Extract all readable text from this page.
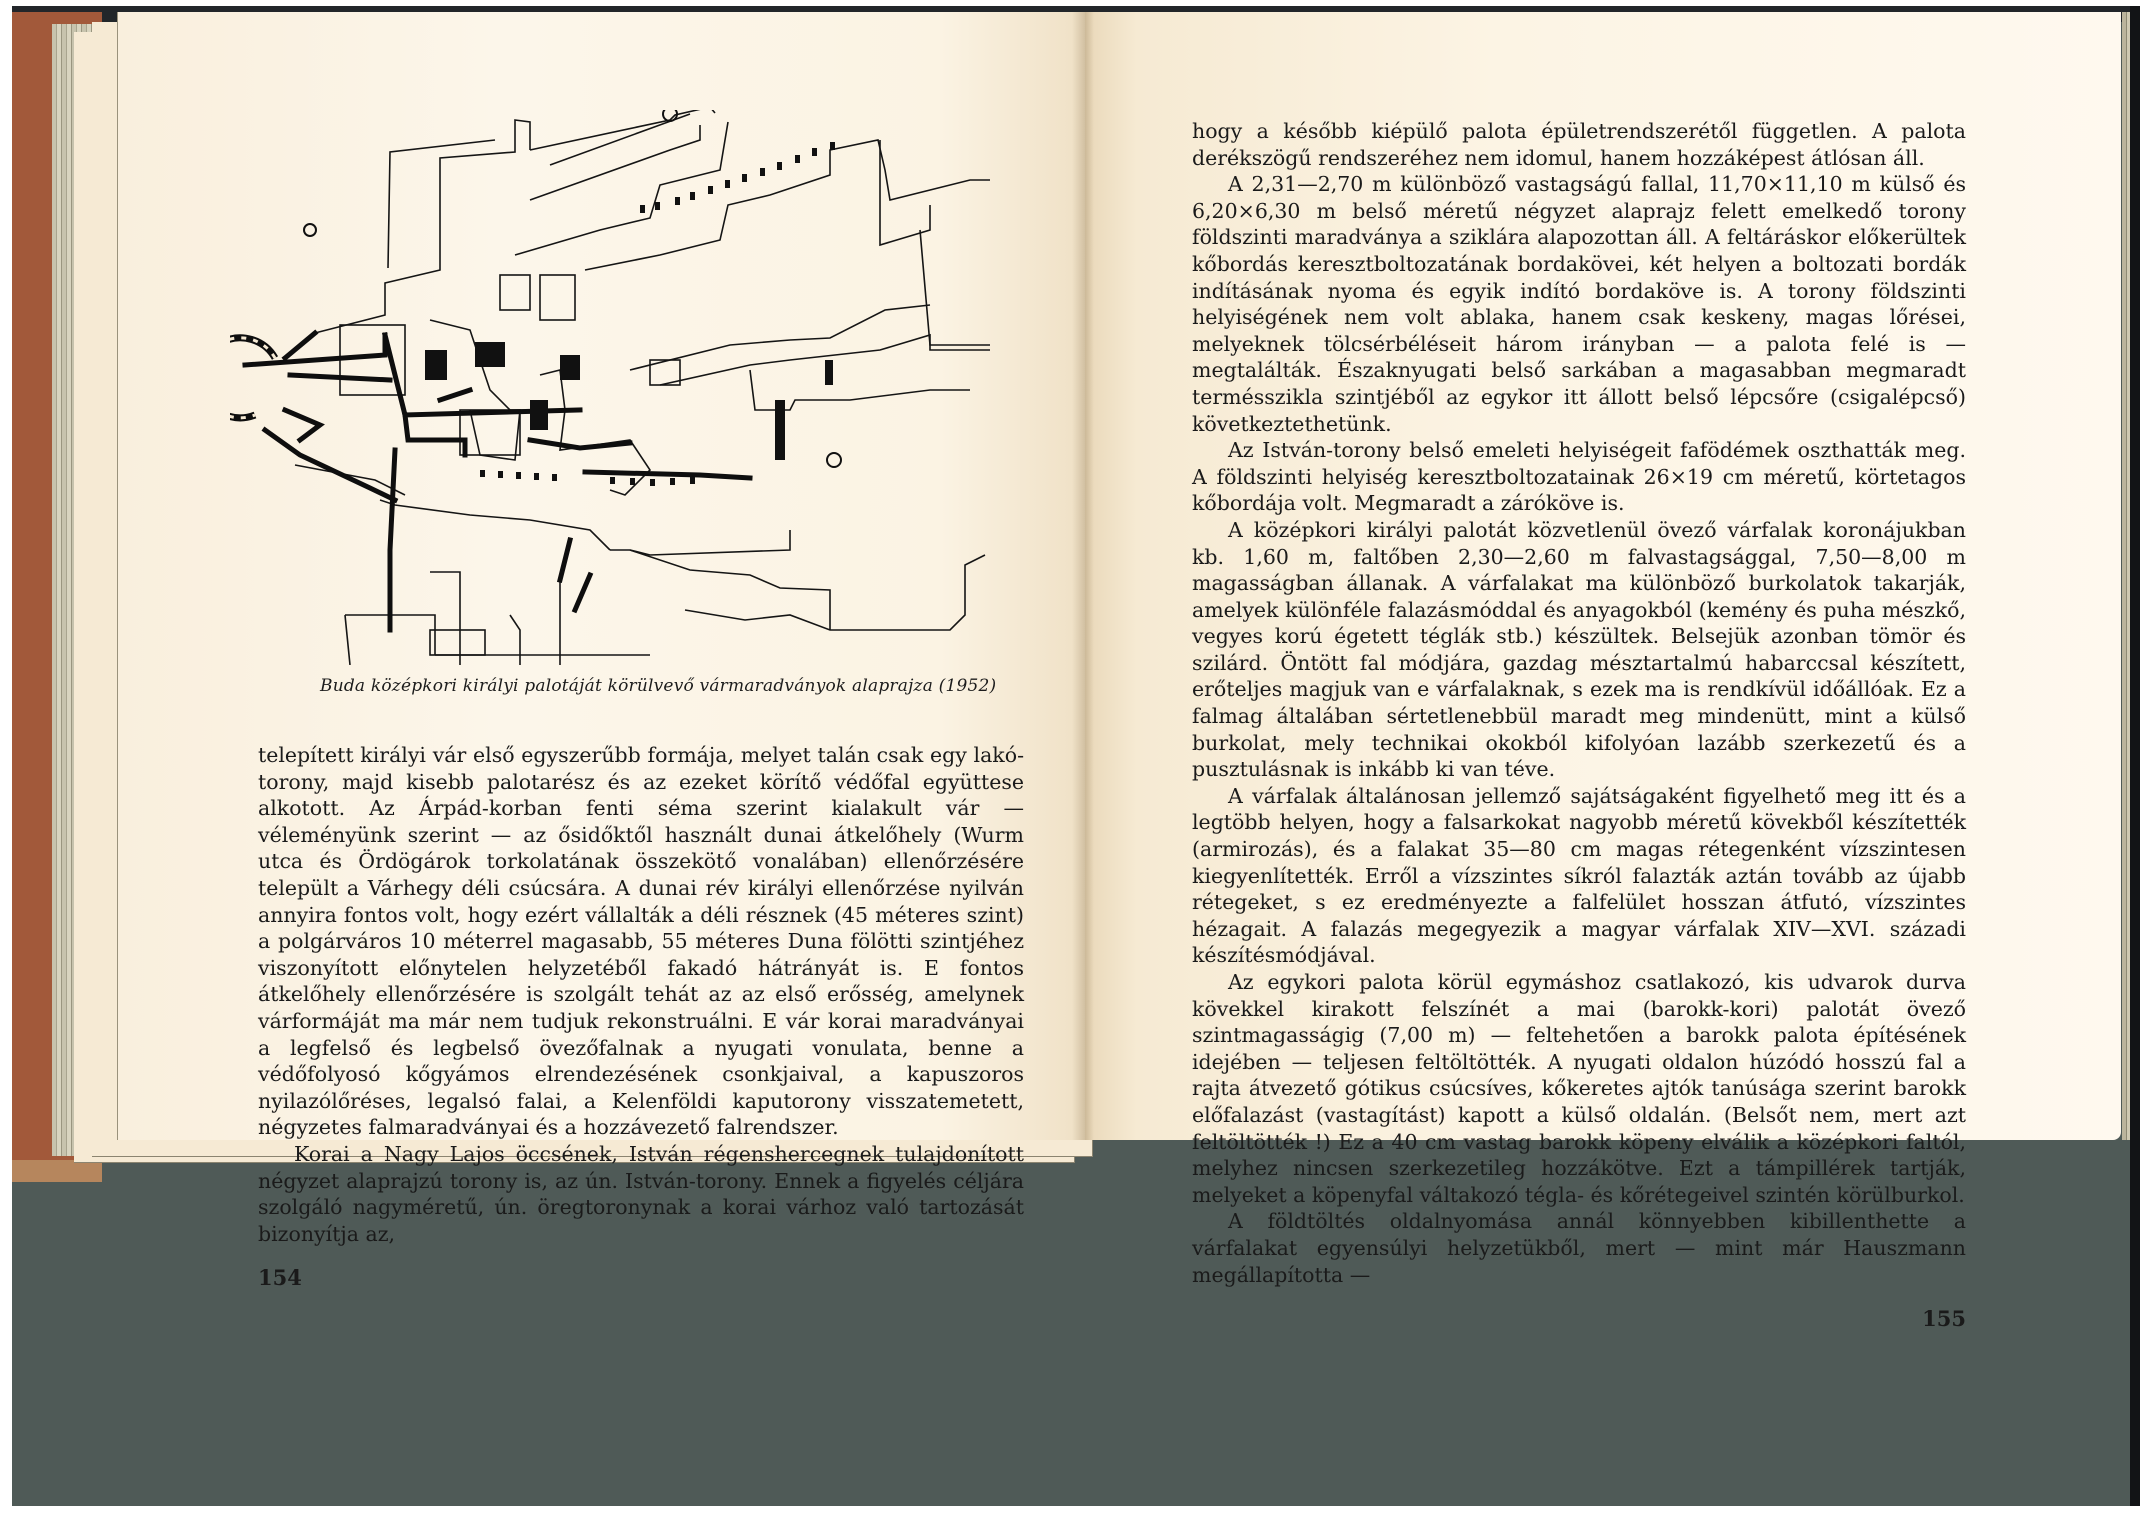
Buda középkori királyi palotáját körülvevő vármaradványok alaprajza (1952)

telepített királyi vár első egyszerűbb formája, melyet talán csak egy lakó-torony, majd kisebb palotarész és az ezeket körítő védőfal együttese alkotott. Az Árpád-korban fenti séma szerint kialakult vár — véleményünk szerint — az ősidőktől használt dunai átkelőhely (Wurm utca és Ördögárok torkolatának összekötő vonalában) ellenőrzésére települt a Várhegy déli csúcsára. A dunai rév királyi ellenőrzése nyilván annyira fontos volt, hogy ezért vállalták a déli résznek (45 méteres szint) a polgárváros 10 méterrel magasabb, 55 méteres Duna fölötti szintjéhez viszonyított előnytelen helyzetéből fakadó hátrányát is. E fontos átkelőhely ellenőrzésére is szolgált tehát az az első erősség, amelynek várformáját ma már nem tudjuk rekonstruálni. E vár korai maradványai a legfelső és legbelső övezőfalnak a nyugati vonulata, benne a védőfolyosó kőgyámos elrendezésének csonkjaival, a kapuszoros nyilazólőréses, legalsó falai, a Kelenföldi kaputorony visszatemetett, négyzetes falmaradványai és a hozzávezető falrendszer.

Korai a Nagy Lajos öccsének, István régenshercegnek tulajdonított négyzet alaprajzú torony is, az ún. István-torony. Ennek a figyelés céljára szolgáló nagyméretű, ún. öregtoronynak a korai várhoz való tartozását bizonyítja az,

154

hogy a később kiépülő palota épületrendszerétől független. A palota derékszögű rendszeréhez nem idomul, hanem hozzáképest átlósan áll.

A 2,31—2,70 m különböző vastagságú fallal, 11,70×11,10 m külső és 6,20×6,30 m belső méretű négyzet alaprajz felett emelkedő torony földszinti maradványa a sziklára alapozottan áll. A feltáráskor előkerültek kőbordás keresztboltozatának bordakövei, két helyen a boltozati bordák indításának nyoma és egyik indító bordaköve is. A torony földszinti helyiségének nem volt ablaka, hanem csak keskeny, magas lőrései, melyeknek tölcsérbéléseit három irányban — a palota felé is — megtalálták. Északnyugati belső sarkában a magasabban megmaradt termésszikla szintjéből az egykor itt állott belső lépcsőre (csigalépcső) következtethetünk.

Az István-torony belső emeleti helyiségeit fafödémek oszthatták meg. A földszinti helyiség keresztboltozatainak 26×19 cm méretű, körtetagos kőbordája volt. Megmaradt a záróköve is.

A középkori királyi palotát közvetlenül övező várfalak koronájukban kb. 1,60 m, faltőben 2,30—2,60 m falvastagsággal, 7,50—8,00 m magasságban állanak. A várfalakat ma különböző burkolatok takarják, amelyek különféle falazásmóddal és anyagokból (kemény és puha mészkő, vegyes korú égetett téglák stb.) készültek. Belsejük azonban tömör és szilárd. Öntött fal módjára, gazdag mésztartalmú habarccsal készített, erőteljes magjuk van e várfalaknak, s ezek ma is rendkívül időállóak. Ez a falmag általában sértetlenebbül maradt meg mindenütt, mint a külső burkolat, mely technikai okokból kifolyóan lazább szerkezetű és a pusztulásnak is inkább ki van téve.

A várfalak általánosan jellemző sajátságaként figyelhető meg itt és a legtöbb helyen, hogy a falsarkokat nagyobb méretű kövekből készítették (armirozás), és a falakat 35—80 cm magas rétegenként vízszintesen kiegyenlítették. Erről a vízszintes síkról falazták aztán tovább az újabb rétegeket, s ez eredményezte a falfelület hosszan átfutó, vízszintes hézagait. A falazás megegyezik a magyar várfalak XIV—XVI. századi készítésmódjával.

Az egykori palota körül egymáshoz csatlakozó, kis udvarok durva kövekkel kirakott felszínét a mai (barokk-kori) palotát övező szintmagasságig (7,00 m) — feltehetően a barokk palota építésének idejében — teljesen feltöltötték. A nyugati oldalon húzódó hosszú fal a rajta átvezető gótikus csúcsíves, kőkeretes ajtók tanúsága szerint barokk előfalazást (vastagítást) kapott a külső oldalán. (Belsőt nem, mert azt feltöltötték !) Ez a 40 cm vastag barokk köpeny elválik a középkori faltól, melyhez nincsen szerkezetileg hozzákötve. Ezt a támpillérek tartják, melyeket a köpenyfal váltakozó tégla- és kőrétegeivel szintén körülburkol.

A földtöltés oldalnyomása annál könnyebben kibillenthette a várfalakat egyensúlyi helyzetükből, mert — mint már Hauszmann megállapította —

155
